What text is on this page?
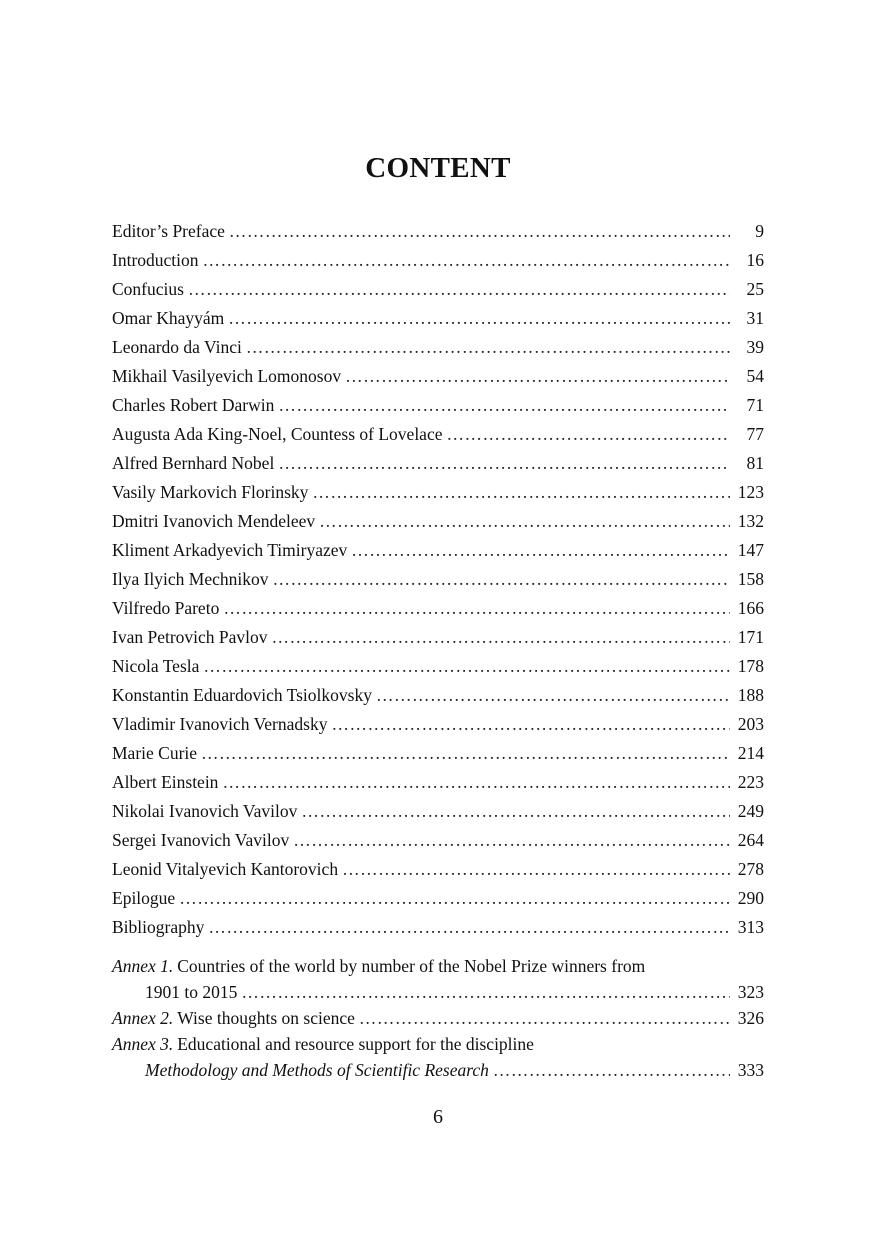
CONTENT
Editor’s Preface ……………………………………………………………………………………………………………………………………………………………………………	9
Introduction ……………………………………………………………………………………………………………………………………………………………………………	16
Confucius ……………………………………………………………………………………………………………………………………………………………………………	25
Omar Khayyám ……………………………………………………………………………………………………………………………………………………………………………	31
Leonardo da Vinci ……………………………………………………………………………………………………………………………………………………………………………	39
Mikhail Vasilyevich Lomonosov ……………………………………………………………………………………………………………………………………………………………………………	54
Charles Robert Darwin ……………………………………………………………………………………………………………………………………………………………………………	71
Augusta Ada King-Noel, Countess of Lovelace ……………………………………………………………………………………………………………………………………………………………………………	77
Alfred Bernhard Nobel ……………………………………………………………………………………………………………………………………………………………………………	81
Vasily Markovich Florinsky ……………………………………………………………………………………………………………………………………………………………………………	123
Dmitri Ivanovich Mendeleev ……………………………………………………………………………………………………………………………………………………………………………	132
Kliment Arkadyevich Timiryazev ……………………………………………………………………………………………………………………………………………………………………………	147
Ilya Ilyich Mechnikov ……………………………………………………………………………………………………………………………………………………………………………	158
Vilfredo Pareto ……………………………………………………………………………………………………………………………………………………………………………	166
Ivan Petrovich Pavlov ……………………………………………………………………………………………………………………………………………………………………………	171
Nicola Tesla ……………………………………………………………………………………………………………………………………………………………………………	178
Konstantin Eduardovich Tsiolkovsky ……………………………………………………………………………………………………………………………………………………………………………	188
Vladimir Ivanovich Vernadsky ……………………………………………………………………………………………………………………………………………………………………………	203
Marie Curie ……………………………………………………………………………………………………………………………………………………………………………	214
Albert Einstein ……………………………………………………………………………………………………………………………………………………………………………	223
Nikolai Ivanovich Vavilov ……………………………………………………………………………………………………………………………………………………………………………	249
Sergei Ivanovich Vavilov ……………………………………………………………………………………………………………………………………………………………………………	264
Leonid Vitalyevich Kantorovich ……………………………………………………………………………………………………………………………………………………………………………	278
Epilogue ……………………………………………………………………………………………………………………………………………………………………………	290
Bibliography ……………………………………………………………………………………………………………………………………………………………………………	313
Annex 1. Countries of the world by number of the Nobel Prize winners from
1901 to 2015 ……………………………………………………………………………………………………………………………………………………………………………	323
Annex 2. Wise thoughts on science ……………………………………………………………………………………………………………………………………………………………………………	326
Annex 3. Educational and resource support for the discipline
Methodology and Methods of Scientific Research ……………………………………………………………………………………………………………………………………………………………………………	333
6
